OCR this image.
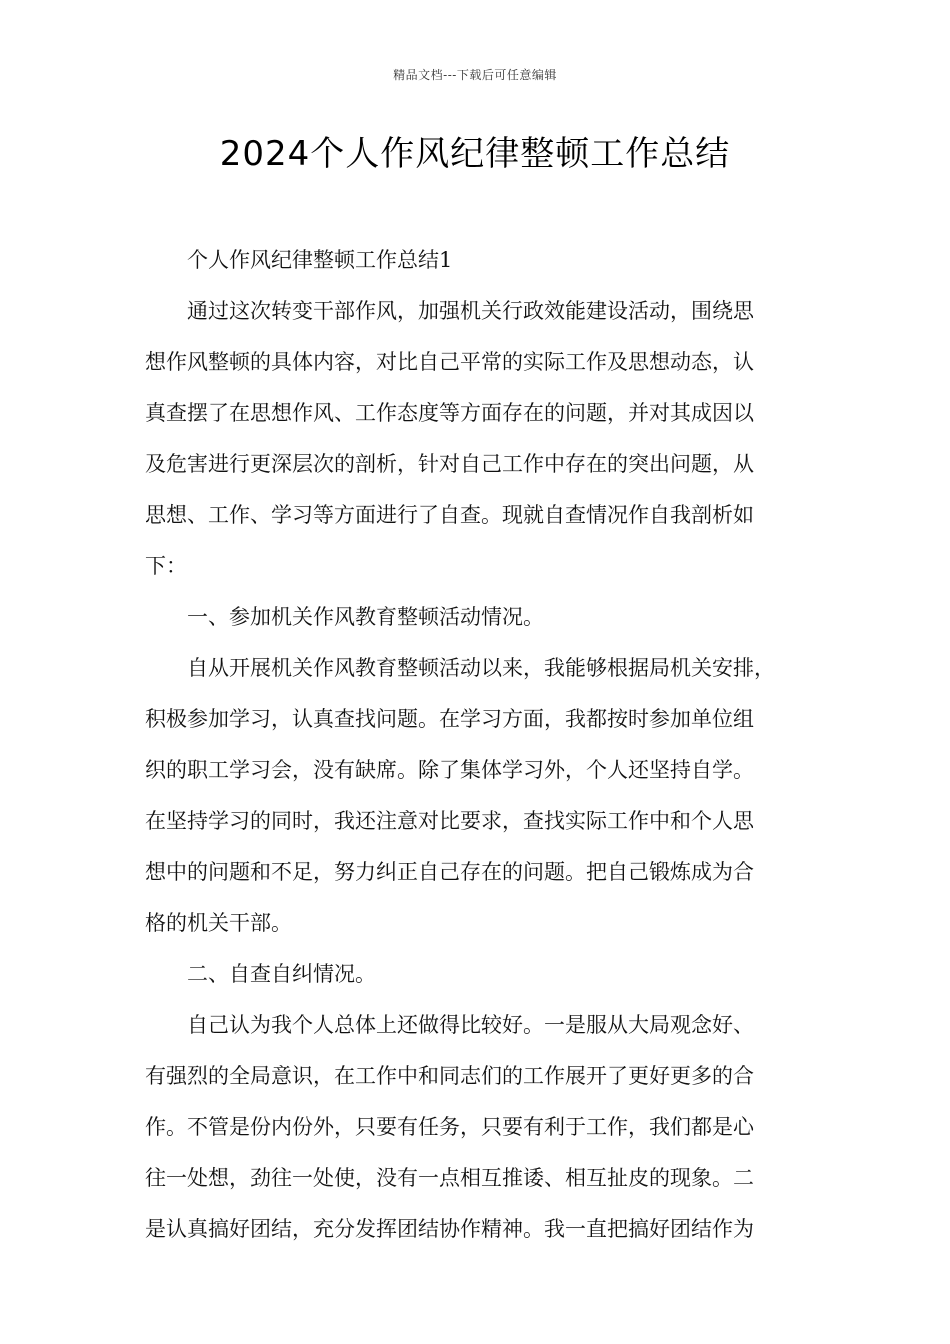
精品文档---下载后可任意编辑
2024个人作风纪律整顿工作总结
个人作风纪律整顿工作总结1
通过这次转变干部作风，加强机关行政效能建设活动，围绕思
想作风整顿的具体内容，对比自己平常的实际工作及思想动态，认
真查摆了在思想作风、工作态度等方面存在的问题，并对其成因以
及危害进行更深层次的剖析，针对自己工作中存在的突出问题，从
思想、工作、学习等方面进行了自查。现就自查情况作自我剖析如
下：
一、参加机关作风教育整顿活动情况。
自从开展机关作风教育整顿活动以来，我能够根据局机关安排，
积极参加学习，认真查找问题。在学习方面，我都按时参加单位组
织的职工学习会，没有缺席。除了集体学习外，个人还坚持自学。
在坚持学习的同时，我还注意对比要求，查找实际工作中和个人思
想中的问题和不足，努力纠正自己存在的问题。把自己锻炼成为合
格的机关干部。
二、自查自纠情况。
自己认为我个人总体上还做得比较好。一是服从大局观念好、
有强烈的全局意识，在工作中和同志们的工作展开了更好更多的合
作。不管是份内份外，只要有任务，只要有利于工作，我们都是心
往一处想，劲往一处使，没有一点相互推诿、相互扯皮的现象。二
是认真搞好团结，充分发挥团结协作精神。我一直把搞好团结作为
